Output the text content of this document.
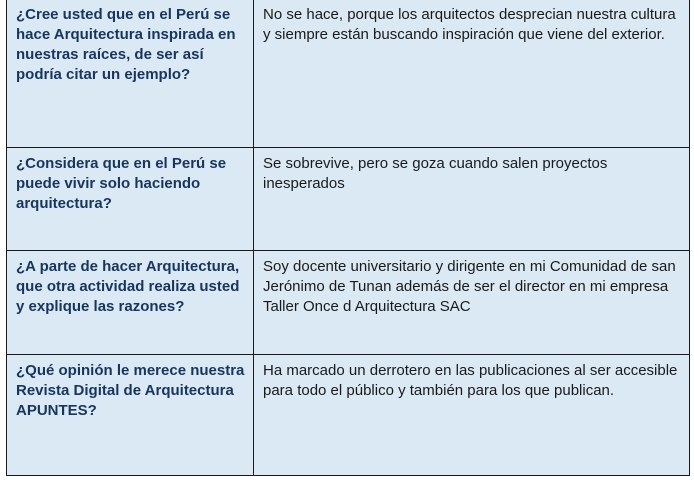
¿Cree usted que en el Perú se hace Arquitectura inspirada en nuestras raíces, de ser así podría citar un ejemplo?	No se hace, porque los arquitectos desprecian nuestra cultura y siempre están buscando inspiración que viene del exterior.
¿Considera que en el Perú se puede vivir solo haciendo arquitectura?	Se sobrevive, pero se goza cuando salen proyectos inesperados
¿A parte de hacer Arquitectura, que otra actividad realiza usted y explique las razones?	Soy docente universitario y dirigente en mi Comunidad de san Jerónimo de Tunan además de ser el director en mi empresa Taller Once d Arquitectura SAC
¿Qué opinión le merece nuestra Revista Digital de Arquitectura APUNTES?	Ha marcado un derrotero en las publicaciones al ser accesible para todo el público y también para los que publican.
